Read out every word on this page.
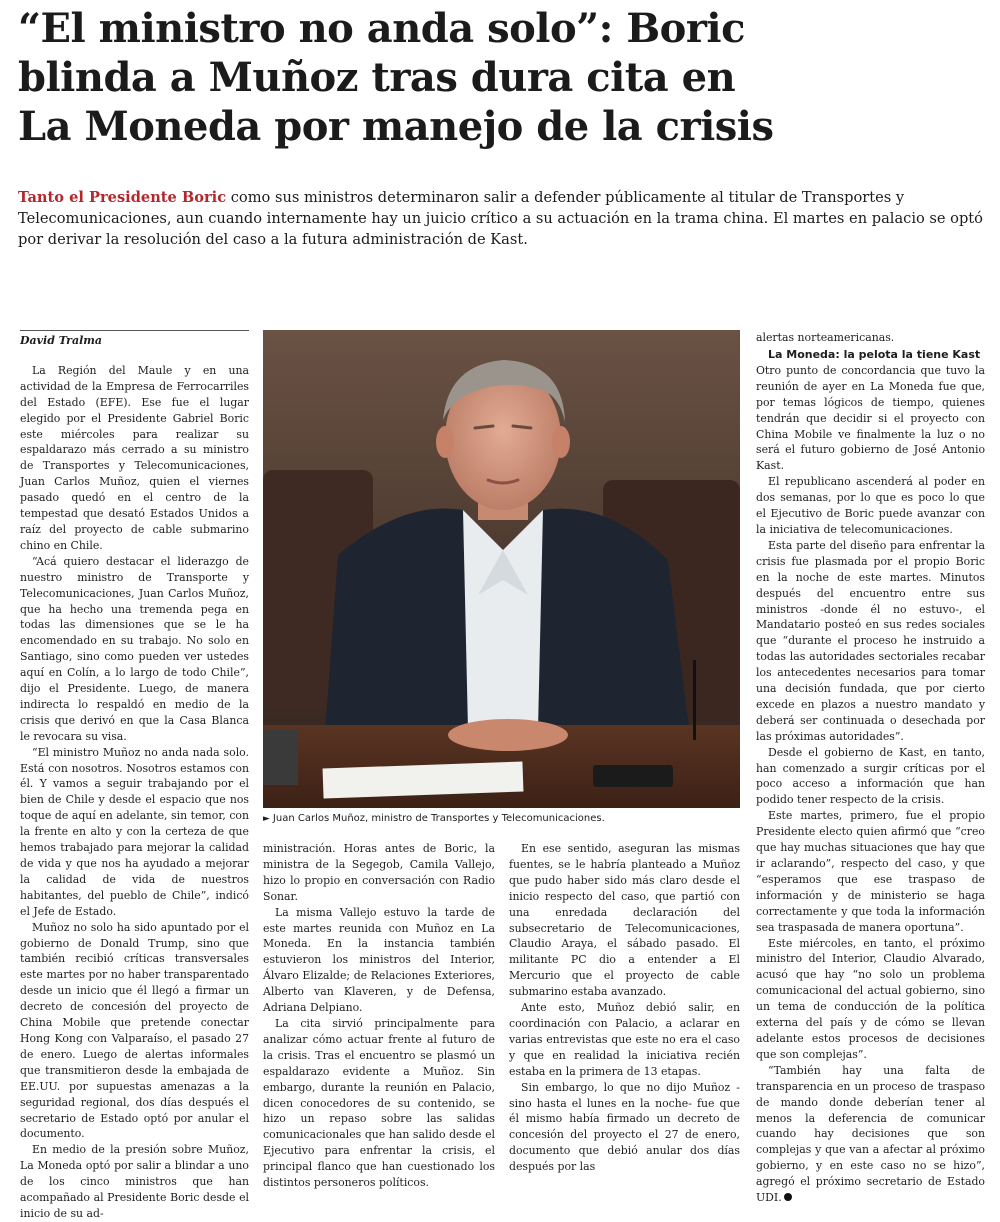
“El ministro no anda solo”: Boric
blinda a Muñoz tras dura cita en
La Moneda por manejo de la crisis

Tanto el Presidente Boric como sus ministros determinaron salir a defender públicamente al titular de Transportes y Telecomunicaciones, aun cuando internamente hay un juicio crítico a su actuación en la trama china. El martes en palacio se optó por derivar la resolución del caso a la futura administración de Kast.

David Tralma

La Región del Maule y en una actividad de la Empresa de Ferrocarriles del Estado (EFE). Ese fue el lugar elegido por el Presidente Gabriel Boric este miércoles para realizar su espaldarazo más cerrado a su ministro de Transportes y Telecomunicaciones, Juan Carlos Muñoz, quien el viernes pasado quedó en el centro de la tempestad que desató Estados Unidos a raíz del proyecto de cable submarino chino en Chile.

“Acá quiero destacar el liderazgo de nuestro ministro de Transporte y Telecomunicaciones, Juan Carlos Muñoz, que ha hecho una tremenda pega en todas las dimensiones que se le ha encomendado en su trabajo. No solo en Santiago, sino como pueden ver ustedes aquí en Colín, a lo largo de todo Chile”, dijo el Presidente. Luego, de manera indirecta lo respaldó en medio de la crisis que derivó en que la Casa Blanca le revocara su visa.

“El ministro Muñoz no anda nada solo. Está con nosotros. Nosotros estamos con él. Y vamos a seguir trabajando por el bien de Chile y desde el espacio que nos toque de aquí en adelante, sin temor, con la frente en alto y con la certeza de que hemos trabajado para mejorar la calidad de vida y que nos ha ayudado a mejorar la calidad de vida de nuestros habitantes, del pueblo de Chile”, indicó el Jefe de Estado.

Muñoz no solo ha sido apuntado por el gobierno de Donald Trump, sino que también recibió críticas transversales este martes por no haber transparentado desde un inicio que él llegó a firmar un decreto de concesión del proyecto de China Mobile que pretende conectar Hong Kong con Valparaíso, el pasado 27 de enero. Luego de alertas informales que transmitieron desde la embajada de EE.UU. por supuestas amenazas a la seguridad regional, dos días después el secretario de Estado optó por anular el documento.

En medio de la presión sobre Muñoz, La Moneda optó por salir a blindar a uno de los cinco ministros que han acompañado al Presidente Boric desde el inicio de su ad-

► Juan Carlos Muñoz, ministro de Transportes y Telecomunicaciones.

ministración. Horas antes de Boric, la ministra de la Segegob, Camila Vallejo, hizo lo propio en conversación con Radio Sonar.

La misma Vallejo estuvo la tarde de este martes reunida con Muñoz en La Moneda. En la instancia también estuvieron los ministros del Interior, Álvaro Elizalde; de Relaciones Exteriores, Alberto van Klaveren, y de Defensa, Adriana Delpiano.

La cita sirvió principalmente para analizar cómo actuar frente al futuro de la crisis. Tras el encuentro se plasmó un espaldarazo evidente a Muñoz. Sin embargo, durante la reunión en Palacio, dicen conocedores de su contenido, se hizo un repaso sobre las salidas comunicacionales que han salido desde el Ejecutivo para enfrentar la crisis, el principal flanco que han cuestionado los distintos personeros políticos.

En ese sentido, aseguran las mismas fuentes, se le habría planteado a Muñoz que pudo haber sido más claro desde el inicio respecto del caso, que partió con una enredada declaración del subsecretario de Telecomunicaciones, Claudio Araya, el sábado pasado. El militante PC dio a entender a El Mercurio que el proyecto de cable submarino estaba avanzado.

Ante esto, Muñoz debió salir, en coordinación con Palacio, a aclarar en varias entrevistas que este no era el caso y que en realidad la iniciativa recién estaba en la primera de 13 etapas.

Sin embargo, lo que no dijo Muñoz -sino hasta el lunes en la noche- fue que él mismo había firmado un decreto de concesión del proyecto el 27 de enero, documento que debió anular dos días después por las

alertas norteamericanas.

La Moneda: la pelota la tiene Kast

Otro punto de concordancia que tuvo la reunión de ayer en La Moneda fue que, por temas lógicos de tiempo, quienes tendrán que decidir si el proyecto con China Mobile ve finalmente la luz o no será el futuro gobierno de José Antonio Kast.

El republicano ascenderá al poder en dos semanas, por lo que es poco lo que el Ejecutivo de Boric puede avanzar con la iniciativa de telecomunicaciones.

Esta parte del diseño para enfrentar la crisis fue plasmada por el propio Boric en la noche de este martes. Minutos después del encuentro entre sus ministros -donde él no estuvo-, el Mandatario posteó en sus redes sociales que “durante el proceso he instruido a todas las autoridades sectoriales recabar los antecedentes necesarios para tomar una decisión fundada, que por cierto excede en plazos a nuestro mandato y deberá ser continuada o desechada por las próximas autoridades”.

Desde el gobierno de Kast, en tanto, han comenzado a surgir críticas por el poco acceso a información que han podido tener respecto de la crisis.

Este martes, primero, fue el propio Presidente electo quien afirmó que “creo que hay muchas situaciones que hay que ir aclarando”, respecto del caso, y que “esperamos que ese traspaso de información y de ministerio se haga correctamente y que toda la información sea traspasada de manera oportuna”.

Este miércoles, en tanto, el próximo ministro del Interior, Claudio Alvarado, acusó que hay “no solo un problema comunicacional del actual gobierno, sino un tema de conducción de la política externa del país y de cómo se llevan adelante estos procesos de decisiones que son complejas”.

“También hay una falta de transparencia en un proceso de traspaso de mando donde deberían tener al menos la deferencia de comunicar cuando hay decisiones que son complejas y que van a afectar al próximo gobierno, y en este caso no se hizo”, agregó el próximo secretario de Estado UDI.
